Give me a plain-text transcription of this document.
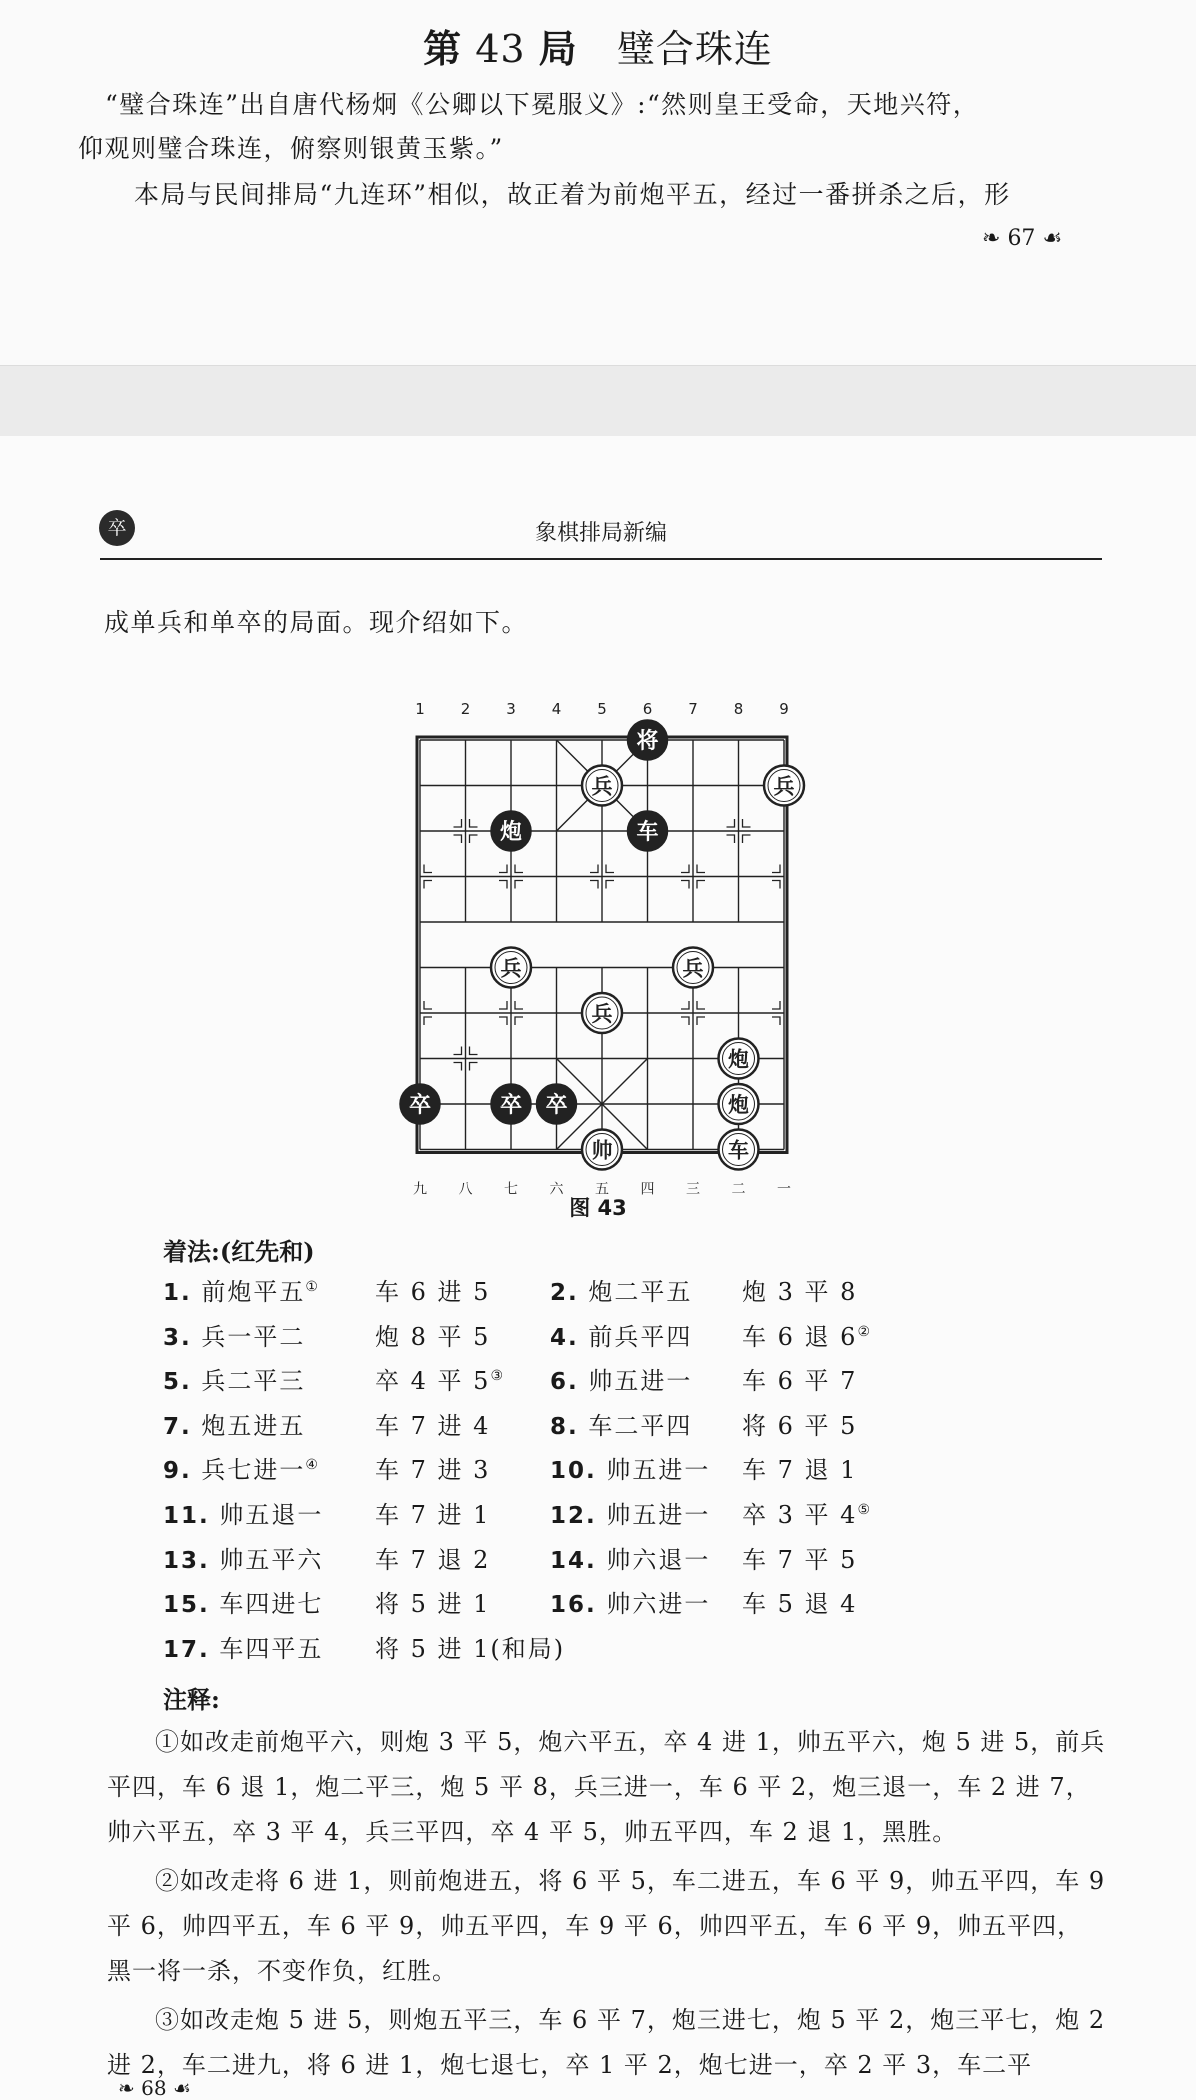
第 43 局 璧合珠连
“璧合珠连”出自唐代杨炯《公卿以下冕服义》:“然则皇王受命，天地兴符，
仰观则璧合珠连，俯察则银黄玉紫。”
本局与民间排局“九连环”相似，故正着为前炮平五，经过一番拼杀之后，形
❧ 67 ☙
卒	象棋排局新编
成单兵和单卒的局面。现介绍如下。
1 2 3 4 5 6 7 8 9
九 八 七 六 五 四 三 二 一
将
兵	兵
炮	车
兵	兵
兵
炮
卒	卒 卒	炮
帅	车
图 43
着法:(红先和)
1. 前炮平五① 车 6 进 5	2. 炮二平五 炮 3 平 8
3. 兵一平二	炮 8 平 5	4. 前兵平四 车 6 退 6②
5. 兵二平三	卒 4 平 5③ 6. 帅五进一 车 6 平 7
7. 炮五进五	车 7 进 4	8. 车二平四 将 6 平 5
9. 兵七进一④ 车 7 进 3	10. 帅五进一 车 7 退 1
11. 帅五退一 车 7 进 1	12. 帅五进一 卒 3 平 4⑤
13. 帅五平六 车 7 退 2	14. 帅六退一 车 7 平 5
15. 车四进七 将 5 进 1	16. 帅六进一 车 5 退 4
17. 车四平五 将 5 进 1(和局)
注释:

①如改走前炮平六，则炮 3 平 5，炮六平五，卒 4 进 1，帅五平六，炮 5 进 5，前兵平四，车 6 退 1，炮二平三，炮 5 平 8，兵三进一，车 6 平 2，炮三退一，车 2 进 7，帅六平五，卒 3 平 4，兵三平四，卒 4 平 5，帅五平四，车 2 退 1，黑胜。

②如改走将 6 进 1，则前炮进五，将 6 平 5，车二进五，车 6 平 9，帅五平四，车 9 平 6，帅四平五，车 6 平 9，帅五平四，车 9 平 6，帅四平五，车 6 平 9，帅五平四，黑一将一杀，不变作负，红胜。

③如改走炮 5 进 5，则炮五平三，车 6 平 7，炮三进七，炮 5 平 2，炮三平七，炮 2 进 2，车二进九，将 6 进 1，炮七退七，卒 1 平 2，炮七进一，卒 2 平 3，车二平

❧ 68 ☙
